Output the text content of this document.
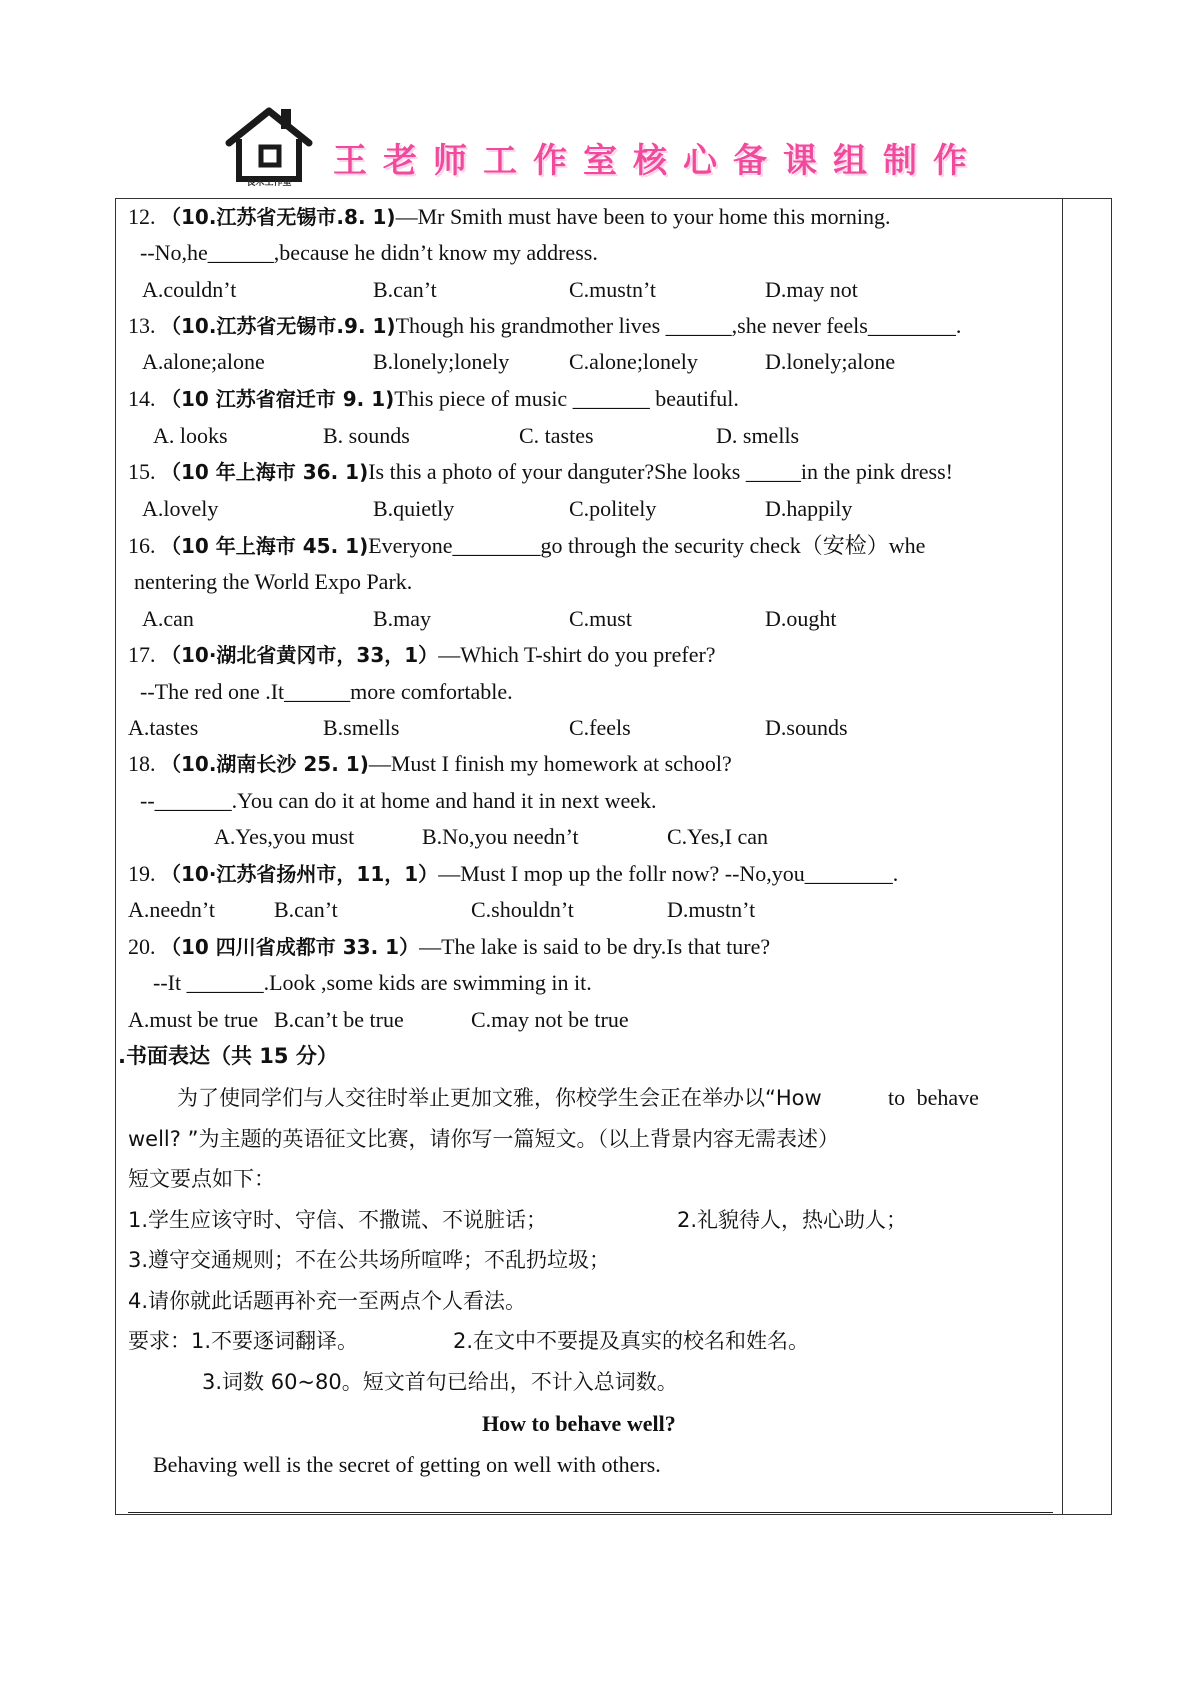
良木工作室
王老师工作室核心备课组制作
12. （10.江苏省无锡市.8. 1)—Mr Smith must have been to your home this morning.
--No,he______,because he didn’t know my address.
A.couldn’t	B.can’t	C.mustn’t	D.may not
13. （10.江苏省无锡市.9. 1)Though his grandmother lives ______,she never feels________.
A.alone;alone	B.lonely;lonely	C.alone;lonely	D.lonely;alone
14. （10 江苏省宿迁市 9. 1)This piece of music _______ beautiful.
A. looks	B. sounds	C. tastes	D. smells
15. （10 年上海市 36. 1)Is this a photo of your danguter?She looks _____in the pink dress!
A.lovely	B.quietly	C.politely	D.happily
16. （10 年上海市 45. 1)Everyone________go through the security check（安检）whe
nentering the World Expo Park.
A.can	B.may	C.must	D.ought
17. （10·湖北省黄冈市，33，1）—Which T-shirt do you prefer?
--The red one .It______more comfortable.
A.tastes	B.smells	C.feels	D.sounds
18. （10.湖南长沙 25. 1)—Must I finish my homework at school?
--_______.You can do it at home and hand it in next week.
A.Yes,you must	B.No,you needn’t	C.Yes,I can
19. （10·江苏省扬州市，11，1）—Must I mop up the follr now? --No,you________.
A.needn’t	B.can’t	C.shouldn’t	D.mustn’t
20. （10 四川省成都市 33. 1）—The lake is said to be dry.Is that ture?
--It _______.Look ,some kids are swimming in it.
A.must be true B.can’t be true	C.may not be true
.书面表达（共 15 分）
为了使同学们与人交往时举止更加文雅，你校学生会正在举办以“How	to behave
well? ”为主题的英语征文比赛，请你写一篇短文。（以上背景内容无需表述）
短文要点如下：
1.学生应该守时、守信、不撒谎、不说脏话；	2.礼貌待人，热心助人；
3.遵守交通规则；不在公共场所喧哗；不乱扔垃圾；
4.请你就此话题再补充一至两点个人看法。
要求：1.不要逐词翻译。	2.在文中不要提及真实的校名和姓名。
3.词数 60~80。短文首句已给出，不计入总词数。
How to behave well?
Behaving well is the secret of getting on well with others.
